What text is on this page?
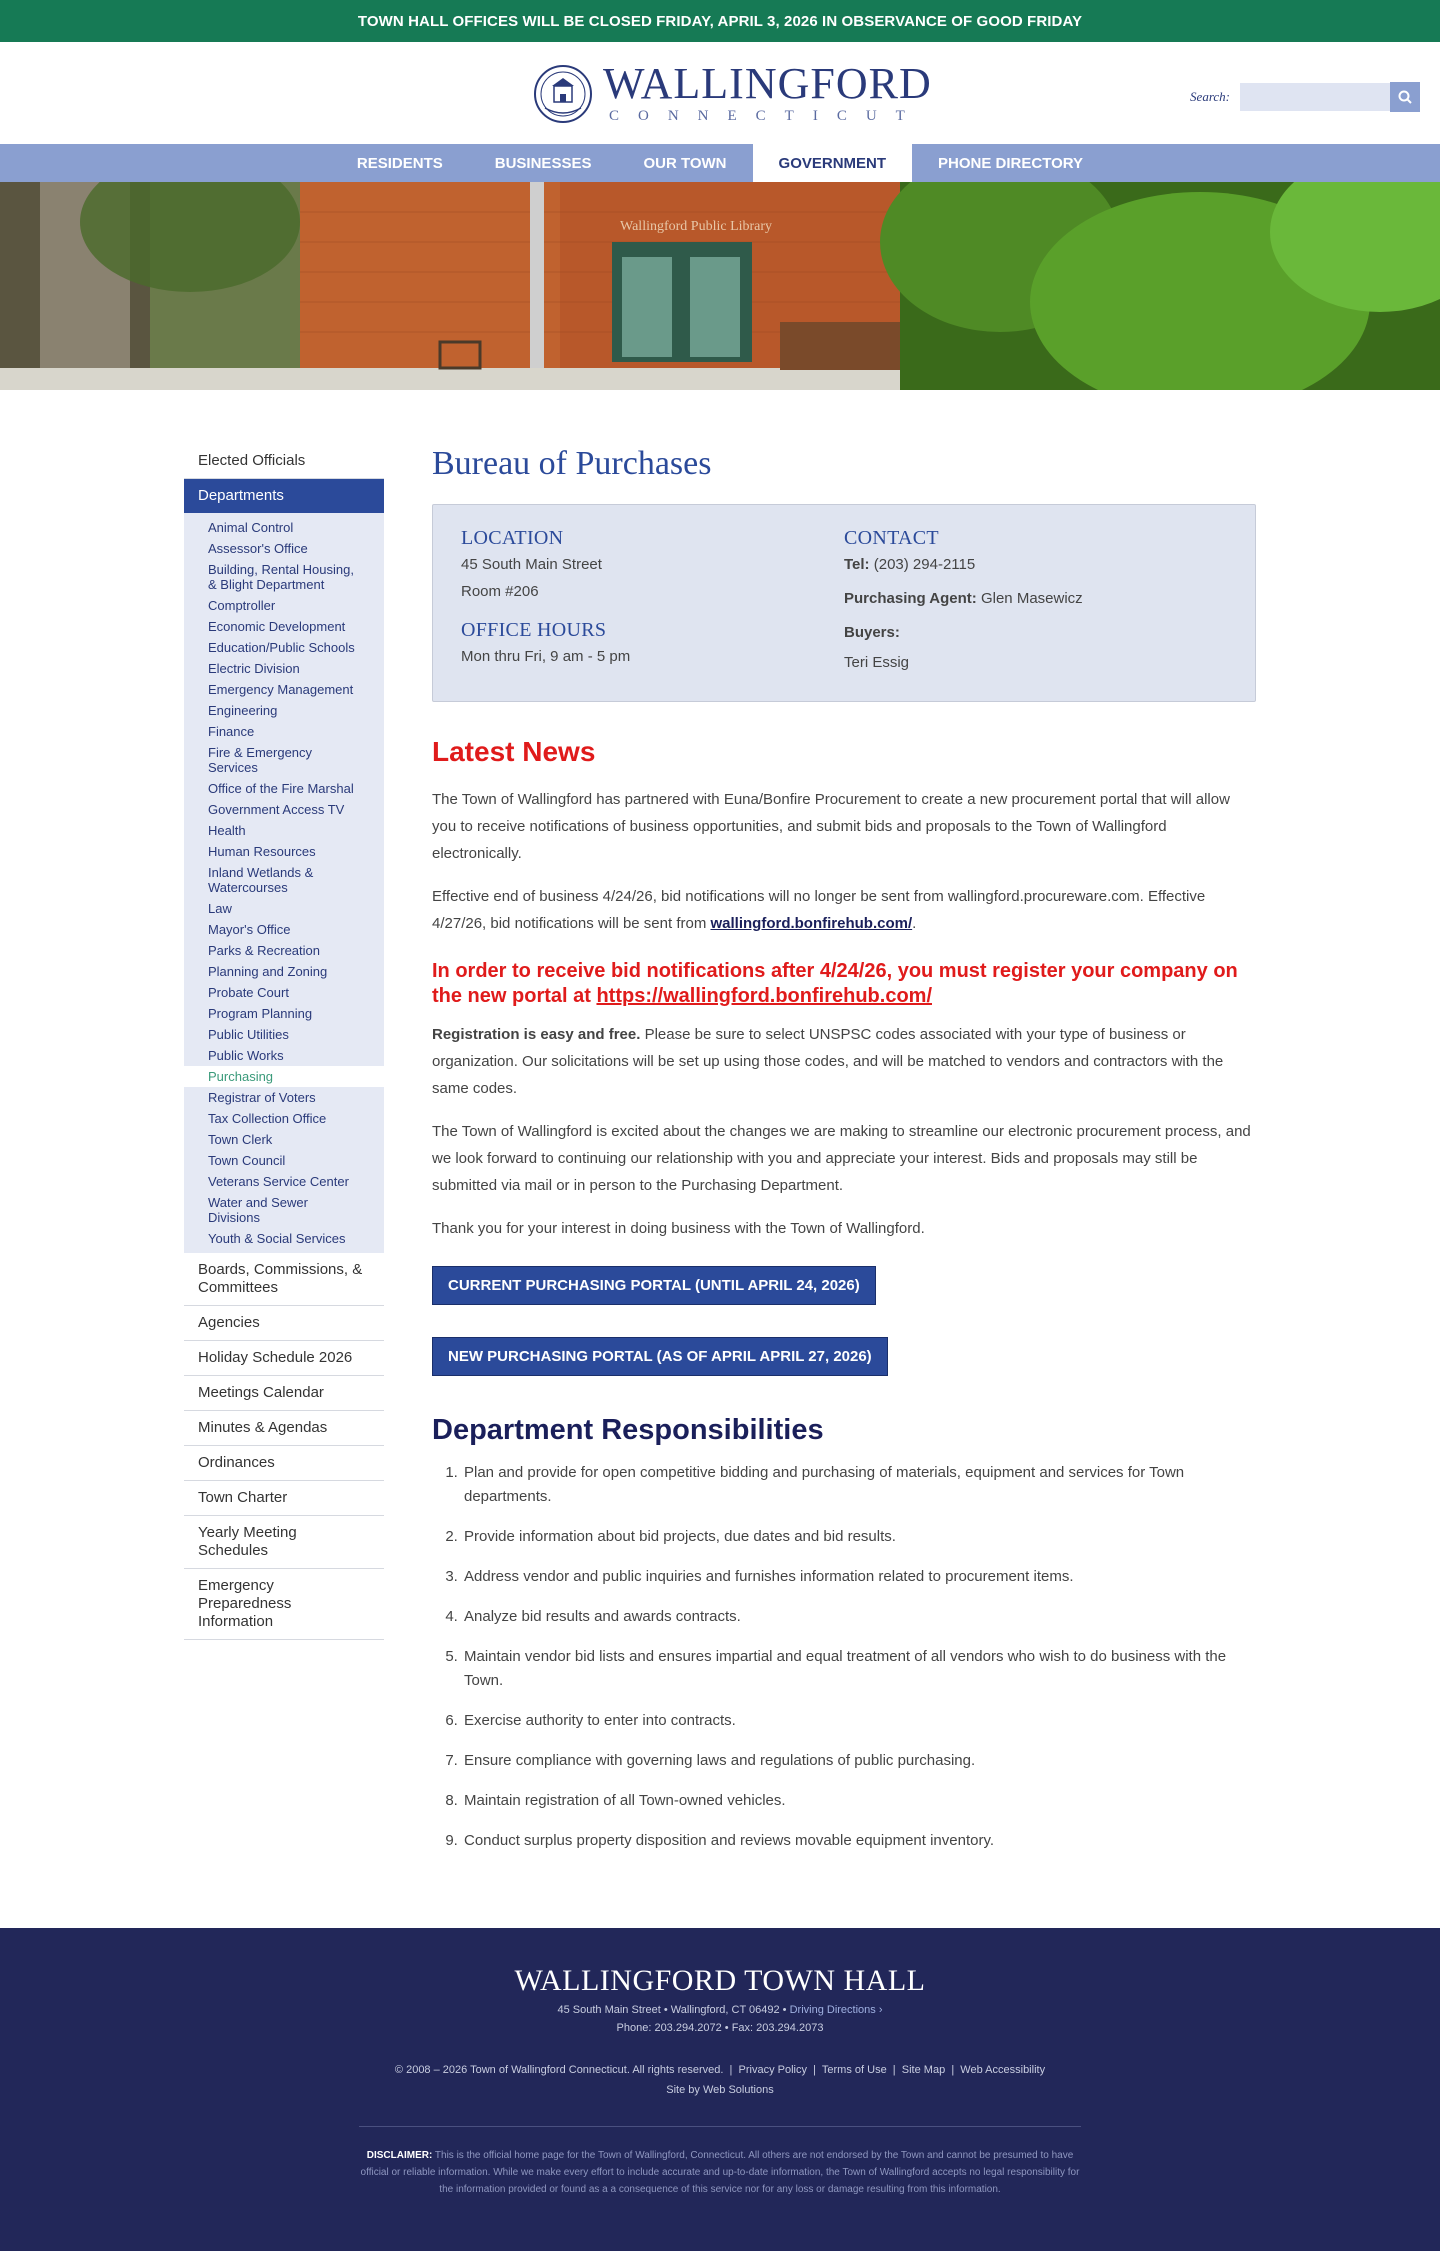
TOWN HALL OFFICES WILL BE CLOSED FRIDAY, APRIL 3, 2026 IN OBSERVANCE OF GOOD FRIDAY
WALLINGFORD
CONNECTICUT
Search:
RESIDENTS	BUSINESSES	OUR TOWN	GOVERNMENT	PHONE DIRECTORY
Wallingford Public Library
Elected Officials
Departments
Animal Control
Assessor's Office
Building, Rental Housing, & Blight Department
Comptroller
Economic Development
Education/Public Schools
Electric Division
Emergency Management
Engineering
Finance
Fire & Emergency Services
Office of the Fire Marshal
Government Access TV
Health
Human Resources
Inland Wetlands & Watercourses
Law
Mayor's Office
Parks & Recreation
Planning and Zoning
Probate Court
Program Planning
Public Utilities
Public Works
Purchasing
Registrar of Voters
Tax Collection Office
Town Clerk
Town Council
Veterans Service Center
Water and Sewer Divisions
Youth & Social Services
Boards, Commissions, & Committees
Agencies
Holiday Schedule 2026
Meetings Calendar
Minutes & Agendas
Ordinances
Town Charter
Yearly Meeting Schedules
Emergency Preparedness Information
Bureau of Purchases
LOCATION

45 South Main Street

Room #206

OFFICE HOURS

Mon thru Fri, 9 am - 5 pm

CONTACT

Tel: (203) 294-2115

Purchasing Agent: Glen Masewicz

Buyers:

Teri Essig

Latest News

The Town of Wallingford has partnered with Euna/Bonfire Procurement to create a new procurement portal that will allow you to receive notifications of business opportunities, and submit bids and proposals to the Town of Wallingford electronically.

Effective end of business 4/24/26, bid notifications will no longer be sent from wallingford.procureware.com. Effective 4/27/26, bid notifications will be sent from wallingford.bonfirehub.com/.

In order to receive bid notifications after 4/24/26, you must register your company on the new portal at https://wallingford.bonfirehub.com/

Registration is easy and free. Please be sure to select UNSPSC codes associated with your type of business or organization. Our solicitations will be set up using those codes, and will be matched to vendors and contractors with the same codes.

The Town of Wallingford is excited about the changes we are making to streamline our electronic procurement process, and we look forward to continuing our relationship with you and appreciate your interest. Bids and proposals may still be submitted via mail or in person to the Purchasing Department.

Thank you for your interest in doing business with the Town of Wallingford.

CURRENT PURCHASING PORTAL (UNTIL APRIL 24, 2026)
NEW PURCHASING PORTAL (AS OF APRIL APRIL 27, 2026)
Department Responsibilities
1. Plan and provide for open competitive bidding and purchasing of materials, equipment and services for Town departments.
2. Provide information about bid projects, due dates and bid results.
3. Address vendor and public inquiries and furnishes information related to procurement items.
4. Analyze bid results and awards contracts.
5. Maintain vendor bid lists and ensures impartial and equal treatment of all vendors who wish to do business with the Town.
6. Exercise authority to enter into contracts.
7. Ensure compliance with governing laws and regulations of public purchasing.
8. Maintain registration of all Town-owned vehicles.
9. Conduct surplus property disposition and reviews movable equipment inventory.
WALLINGFORD TOWN HALL
45 South Main Street • Wallingford, CT 06492 • Driving Directions ›
Phone: 203.294.2072 • Fax: 203.294.2073
© 2008 – 2026 Town of Wallingford Connecticut. All rights reserved.  |  Privacy Policy  |  Terms of Use  |  Site Map  |  Web Accessibility
Site by Web Solutions
DISCLAIMER: This is the official home page for the Town of Wallingford, Connecticut. All others are not endorsed by the Town and cannot be presumed to have official or reliable information. While we make every effort to include accurate and up-to-date information, the Town of Wallingford accepts no legal responsibility for the information provided or found as a a consequence of this service nor for any loss or damage resulting from this information.
